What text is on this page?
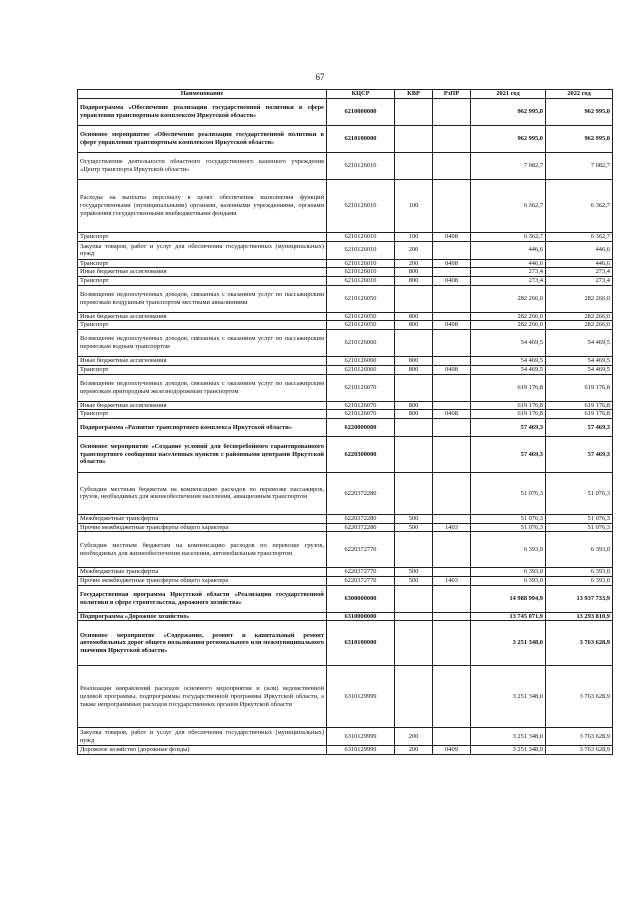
67
Наименование	КЦСР	КВР	РзПР	2021 год	2022 год
Подпрограмма «Обеспечение реализации государственной политики в сфере управления транспортным комплексом Иркутской области»	6210000000			962 995,0	962 995,0
Основное мероприятие «Обеспечение реализации государственной политики в сфере управления транспортным комплексом Иркутской области»	6210100000			962 995,0	962 995,0
Осуществление деятельности областного государственного казенного учреждения «Центр транспорта Иркутской области»	6210126010			7 082,7	7 082,7
Расходы на выплаты персоналу в целях обеспечения выполнения функций государственными (муниципальными) органами, казенными учреждениями, органами управления государственными внебюджетными фондами	6210126010	100		6 362,7	6 362,7
Транспорт	6210126010	100	0408	6 362,7	6 362,7
Закупка товаров, работ и услуг для обеспечения государственных (муниципальных) нужд	6210126010	200		446,6	446,6
Транспорт	6210126010	200	0408	446,6	446,6
Иные бюджетные ассигнования	6210126010	800		273,4	273,4
Транспорт	6210126010	800	0408	273,4	273,4
Возмещение недополученных доходов, связанных с оказанием услуг по пассажирским перевозкам воздушным транспортом местными авиалиниями	6210126050			282 266,0	282 266,0
Иные бюджетные ассигнования	6210126050	800		282 266,0	282 266,0
Транспорт	6210126050	800	0408	282 266,0	282 266,0
Возмещение недополученных доходов, связанных с оказанием услуг по пассажирским перевозкам водным транспортом	6210126060			54 469,5	54 469,5
Иные бюджетные ассигнования	6210126060	800		54 469,5	54 469,5
Транспорт	6210126060	800	0408	54 469,5	54 469,5
Возмещение недополученных доходов, связанных с оказанием услуг по пассажирским перевозкам пригородным железнодорожным транспортом	6210126070			619 176,8	619 176,8
Иные бюджетные ассигнования	6210126070	800		619 176,8	619 176,8
Транспорт	6210126070	800	0408	619 176,8	619 176,8
Подпрограмма «Развитие транспортного комплекса Иркутской области»	6220000000			57 469,3	57 469,3
Основное мероприятие «Создание условий для бесперебойного гарантированного транспортного сообщения населенных пунктов с районными центрами Иркутской области»	6220300000			57 469,3	57 469,3
Субсидии местным бюджетам на компенсацию расходов по перевозке пассажиров, грузов, необходимых для жизнеобеспечения населения, авиационным транспортом	6220372280			51 076,3	51 076,3
Межбюджетные трансферты	6220372280	500		51 076,3	51 076,3
Прочие межбюджетные трансферты общего характера	6220372280	500	1403	51 076,3	51 076,3
Субсидии местным бюджетам на компенсацию расходов по перевозке грузов, необходимых для жизнеобеспечения населения, автомобильным транспортом	6220372770			6 393,0	6 393,0
Межбюджетные трансферты	6220372770	500		6 393,0	6 393,0
Прочие межбюджетные трансферты общего характера	6220372770	500	1403	6 393,0	6 393,0
Государственная программа Иркутской области «Реализация государственной политики в сфере строительства, дорожного хозяйства»	6300000000			14 988 994,9	13 937 733,9
Подпрограмма «Дорожное хозяйство»	6310000000			13 745 071,9	13 293 810,9
Основное мероприятие «Содержание, ремонт и капитальный ремонт автомобильных дорог общего пользования регионального или межмуниципального значения Иркутской области»	6310100000			3 251 348,0	3 763 628,9
Реализация направлений расходов основного мероприятия и (или) ведомственной целевой программы, подпрограммы государственной программы Иркутской области, а также непрограммных расходов государственных органов Иркутской области	6310129999			3 251 348,0	3 763 628,9
Закупка товаров, работ и услуг для обеспечения государственных (муниципальных) нужд	6310129999	200		3 251 348,0	3 763 628,9
Дорожное хозяйство (дорожные фонды)	6310129999	200	0409	3 251 348,0	3 763 628,9
